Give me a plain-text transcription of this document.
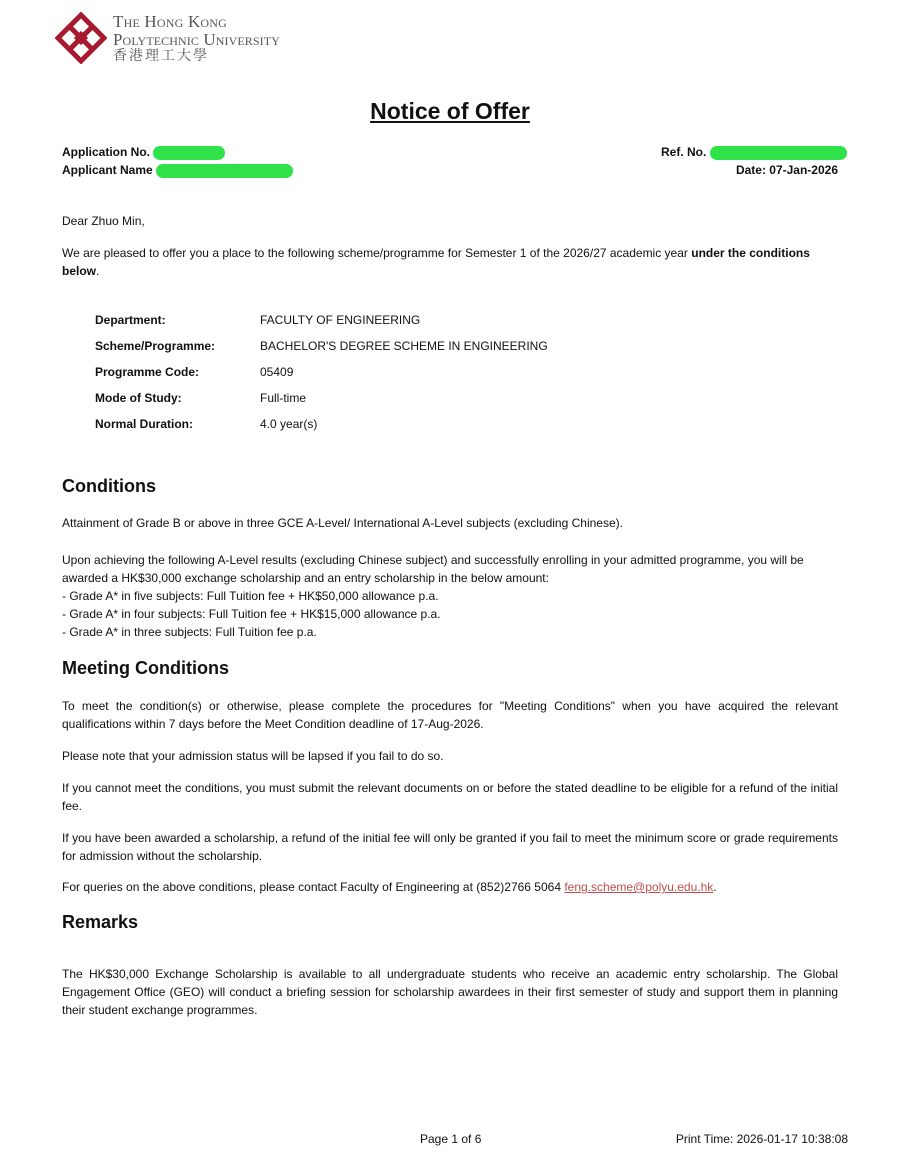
The Hong Kong
Polytechnic University
香港理工大學
Notice of Offer
Application No.
Applicant Name
Ref. No.
Date: 07-Jan-2026
Dear Zhuo Min,
We are pleased to offer you a place to the following scheme/programme for Semester 1 of the 2026/27 academic year under the conditions below.
Department:	FACULTY OF ENGINEERING
Scheme/Programme:	BACHELOR'S DEGREE SCHEME IN ENGINEERING
Programme Code:	05409
Mode of Study:	Full-time
Normal Duration:	4.0 year(s)
Conditions
Attainment of Grade B or above in three GCE A-Level/ International A-Level subjects (excluding Chinese).
Upon achieving the following A-Level results (excluding Chinese subject) and successfully enrolling in your admitted programme, you will be awarded a HK$30,000 exchange scholarship and an entry scholarship in the below amount:
- Grade A* in five subjects: Full Tuition fee + HK$50,000 allowance p.a.
- Grade A* in four subjects: Full Tuition fee + HK$15,000 allowance p.a.
- Grade A* in three subjects: Full Tuition fee p.a.
Meeting Conditions
To meet the condition(s) or otherwise, please complete the procedures for "Meeting Conditions" when you have acquired the relevant qualifications within 7 days before the Meet Condition deadline of 17-Aug-2026.
Please note that your admission status will be lapsed if you fail to do so.
If you cannot meet the conditions, you must submit the relevant documents on or before the stated deadline to be eligible for a refund of the initial fee.
If you have been awarded a scholarship, a refund of the initial fee will only be granted if you fail to meet the minimum score or grade requirements for admission without the scholarship.
For queries on the above conditions, please contact Faculty of Engineering at (852)2766 5064 feng.scheme@polyu.edu.hk.
Remarks
The HK$30,000 Exchange Scholarship is available to all undergraduate students who receive an academic entry scholarship. The Global Engagement Office (GEO) will conduct a briefing session for scholarship awardees in their first semester of study and support them in planning their student exchange programmes.
Page 1 of 6	Print Time: 2026-01-17 10:38:08
